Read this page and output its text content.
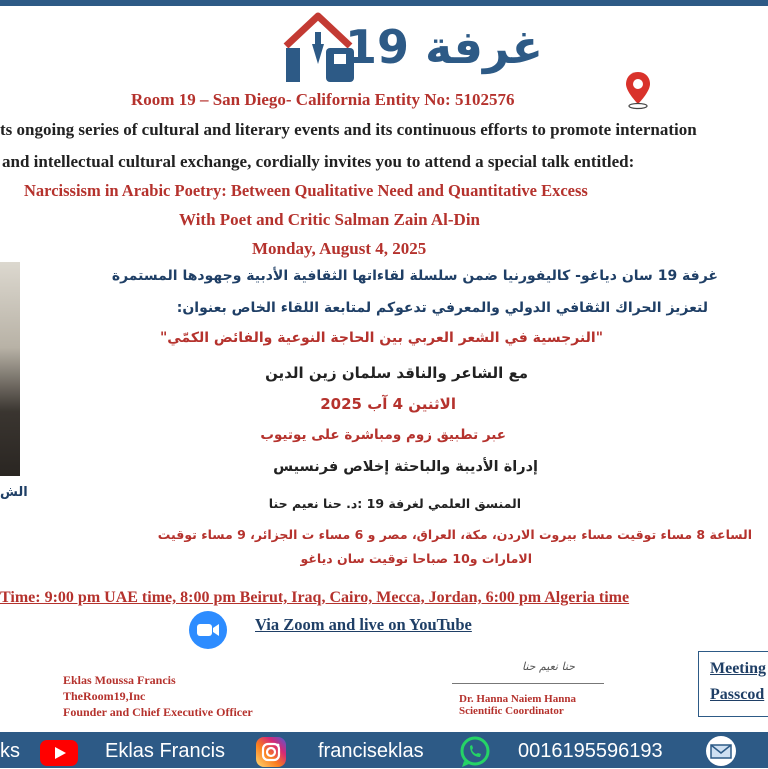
غرفة 19
Room 19 – San Diego- California Entity No: 5102576
ts ongoing series of cultural and literary events and its continuous efforts to promote internation
and intellectual cultural exchange, cordially invites you to attend a special talk entitled:
Narcissism in Arabic Poetry: Between Qualitative Need and Quantitative Excess
With Poet and Critic Salman Zain Al-Din
Monday, August 4, 2025
الش
غرفة 19 سان دياغو- كاليفورنيا ضمن سلسلة لقاءاتها الثقافية الأدبية وجهودها المستمرة
لتعزيز الحراك الثقافي الدولي والمعرفي تدعوكم لمتابعة اللقاء الخاص بعنوان:
"النرجسية في الشعر العربي بين الحاجة النوعية والفائض الكمّي"
مع الشاعر والناقد سلمان زين الدين
الاثنين 4 آب 2025
عبر تطبيق زوم ومباشرة على يوتيوب
إدراة الأديبة والباحثة إخلاص فرنسيس
المنسق العلمي لغرفة 19 :د. حنا نعيم حنا
الساعة 8 مساء توقيت مساء بيروت الاردن، مكة، العراق، مصر و 6 مساء ت الجزائر، 9 مساء توقيت
الامارات و10 صباحا توقيت سان دياغو
Time: 9:00 pm UAE time, 8:00 pm Beirut, Iraq, Cairo, Mecca, Jordan, 6:00 pm Algeria time
Via Zoom and live on YouTube
Eklas Moussa Francis
TheRoom19,Inc
Founder and Chief Executive Officer
حنا نعيم حنا
Dr. Hanna Naiem Hanna
Scientific Coordinator
Meeting
Passcod
ks	Eklas Francis	franciseklas	0016195596193
